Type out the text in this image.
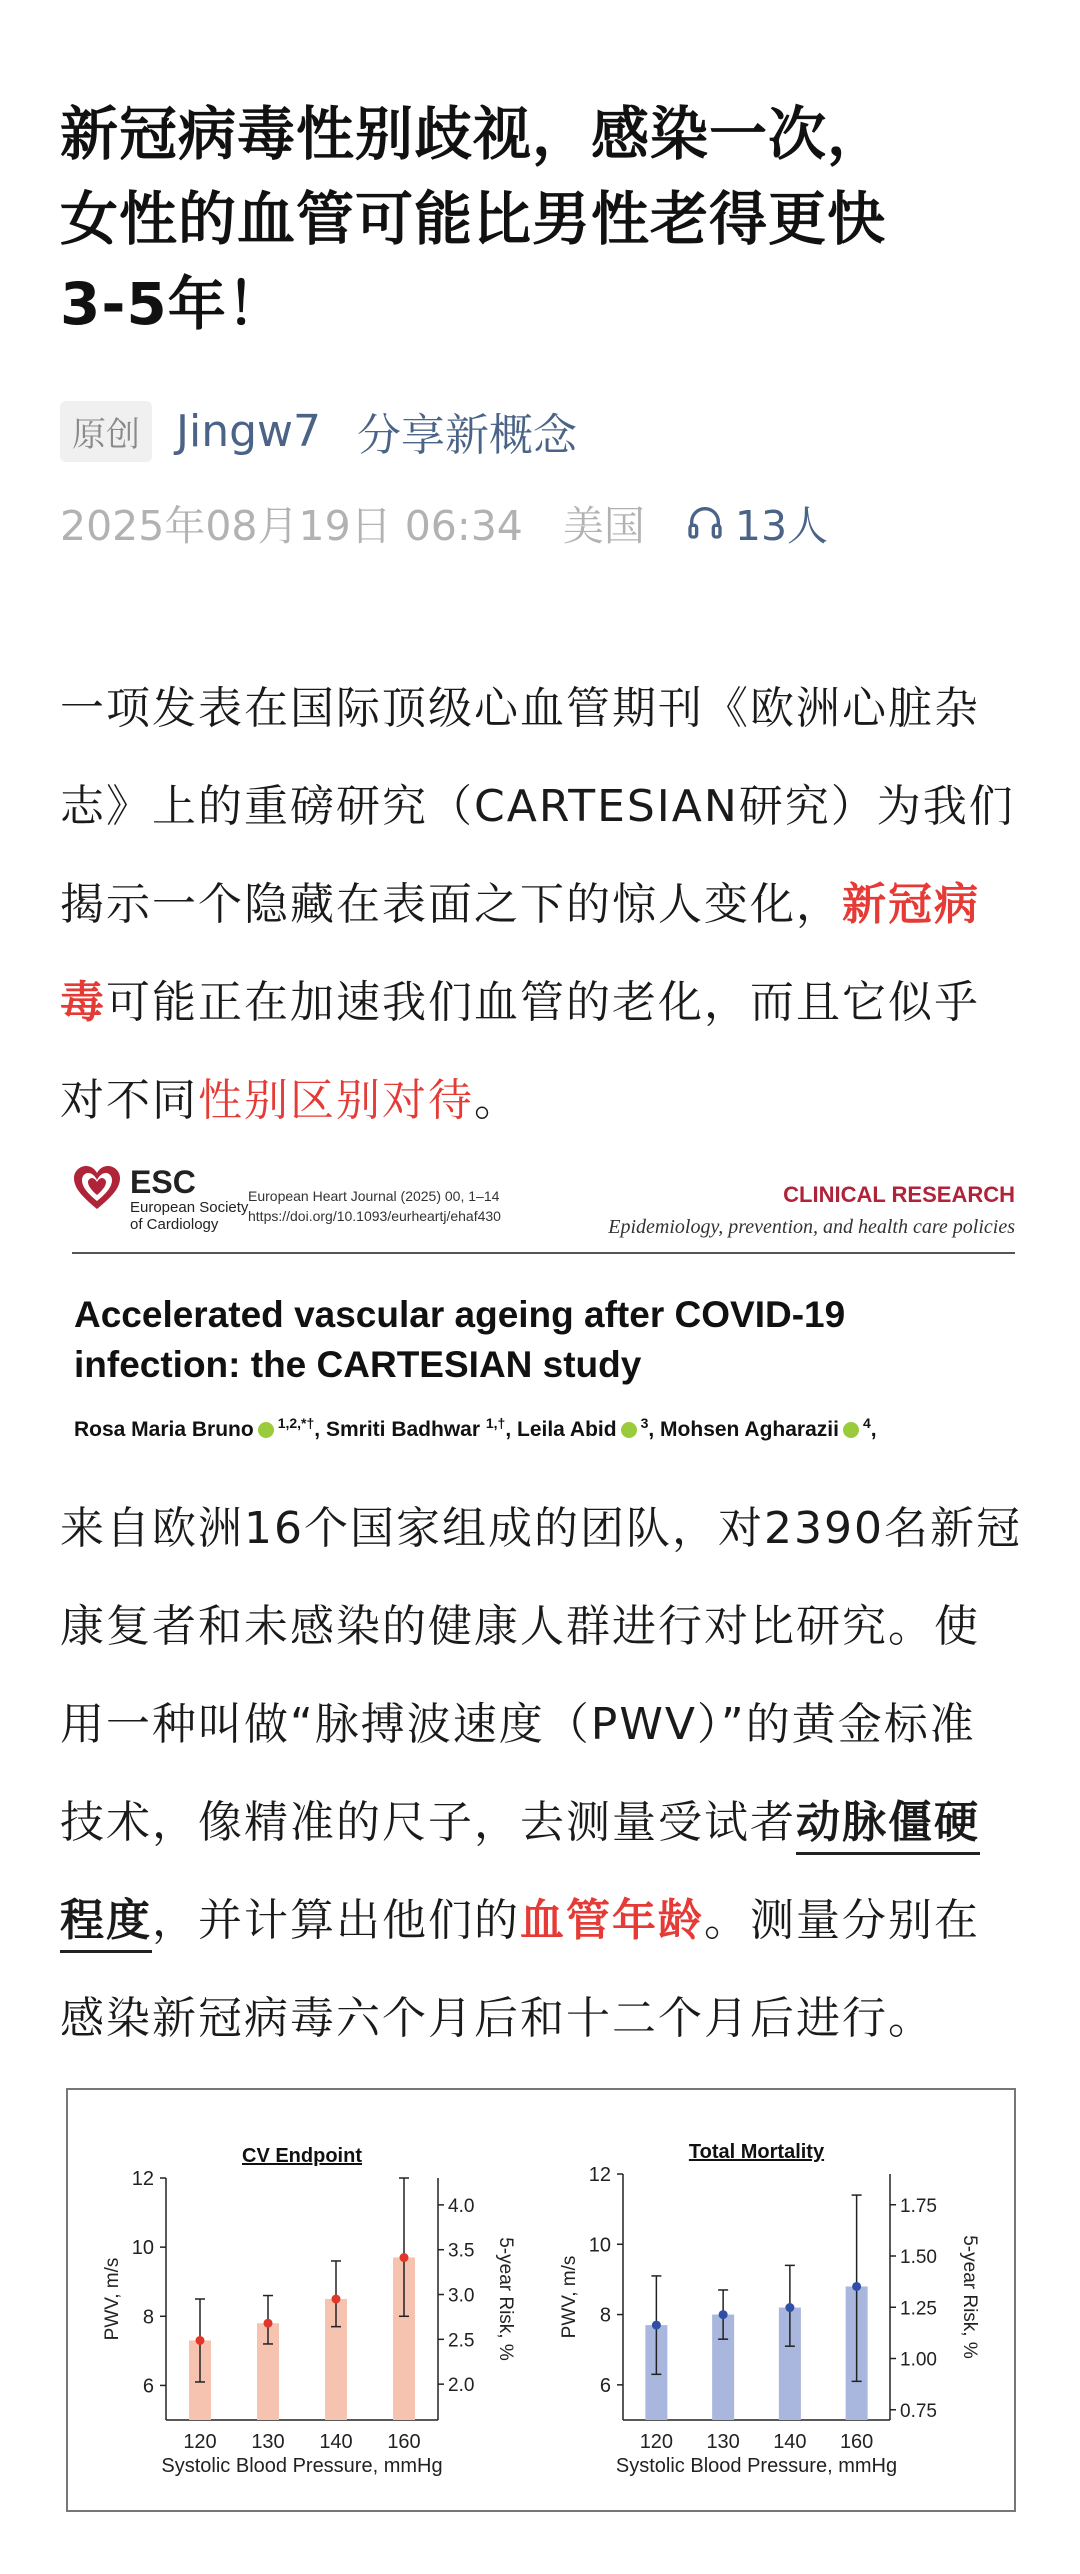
新冠病毒性别歧视，感染一次，
女性的血管可能比男性老得更快
3-5年！
原创 Jingw7 分享新概念
2025年08月19日 06:34 美国 13人
一项发表在国际顶级心血管期刊《欧洲心脏杂
志》上的重磅研究（CARTESIAN研究）为我们
揭示一个隐藏在表面之下的惊人变化，新冠病
毒可能正在加速我们血管的老化，而且它似乎
对不同性别区别对待。
ESC
European Society
of Cardiology
European Heart Journal (2025) 00, 1–14
https://doi.org/10.1093/eurheartj/ehaf430
CLINICAL RESEARCH
Epidemiology, prevention, and health care policies
Accelerated vascular ageing after COVID-19
infection: the CARTESIAN study
Rosa Maria Bruno $^{1,2,*\dagger}$, Smriti Badhwar $^{1,\dagger}$, Leila Abid $^3$, Mohsen Agharazii $^4$,
来自欧洲16个国家组成的团队，对2390名新冠
康复者和未感染的健康人群进行对比研究。使
用一种叫做“脉搏波速度（PWV）”的黄金标准
技术，像精准的尺子，去测量受试者动脉僵硬
程度，并计算出他们的血管年龄。测量分别在
感染新冠病毒六个月后和十二个月后进行。
CV Endpoint
6
8
10
12
2.0
2.5
3.0
3.5
4.0
PWV, m/s	5-year Risk, %
120 130 140 160
Systolic Blood Pressure, mmHg
Total Mortality
6
8
10
12
0.75
1.00
1.25
1.50
1.75
PWV, m/s	5-year Risk, %
120 130 140 160
Systolic Blood Pressure, mmHg
